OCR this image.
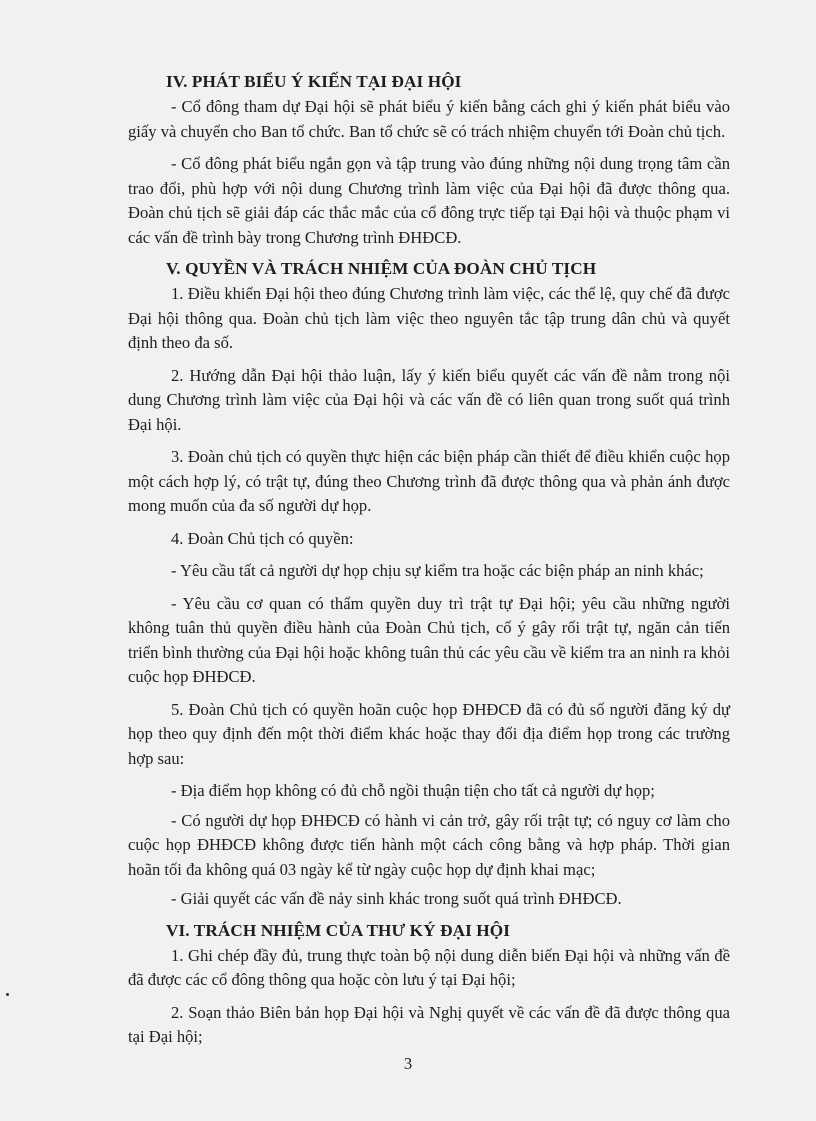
IV. PHÁT BIỂU Ý KIẾN TẠI ĐẠI HỘI

- Cổ đông tham dự Đại hội sẽ phát biểu ý kiến bằng cách ghi ý kiến phát biểu vào giấy và chuyển cho Ban tổ chức. Ban tổ chức sẽ có trách nhiệm chuyển tới Đoàn chủ tịch.

- Cổ đông phát biểu ngắn gọn và tập trung vào đúng những nội dung trọng tâm cần trao đổi, phù hợp với nội dung Chương trình làm việc của Đại hội đã được thông qua. Đoàn chủ tịch sẽ giải đáp các thắc mắc của cổ đông trực tiếp tại Đại hội và thuộc phạm vi các vấn đề trình bày trong Chương trình ĐHĐCĐ.

V. QUYỀN VÀ TRÁCH NHIỆM CỦA ĐOÀN CHỦ TỊCH

1. Điều khiển Đại hội theo đúng Chương trình làm việc, các thể lệ, quy chế đã được Đại hội thông qua. Đoàn chủ tịch làm việc theo nguyên tắc tập trung dân chủ và quyết định theo đa số.

2. Hướng dẫn Đại hội thảo luận, lấy ý kiến biểu quyết các vấn đề nằm trong nội dung Chương trình làm việc của Đại hội và các vấn đề có liên quan trong suốt quá trình Đại hội.

3. Đoàn chủ tịch có quyền thực hiện các biện pháp cần thiết để điều khiển cuộc họp một cách hợp lý, có trật tự, đúng theo Chương trình đã được thông qua và phản ánh được mong muốn của đa số người dự họp.

4. Đoàn Chủ tịch có quyền:

- Yêu cầu tất cả người dự họp chịu sự kiểm tra hoặc các biện pháp an ninh khác;

- Yêu cầu cơ quan có thẩm quyền duy trì trật tự Đại hội; yêu cầu những người không tuân thủ quyền điều hành của Đoàn Chủ tịch, cố ý gây rối trật tự, ngăn cản tiến triển bình thường của Đại hội hoặc không tuân thủ các yêu cầu về kiểm tra an ninh ra khỏi cuộc họp ĐHĐCĐ.

5. Đoàn Chủ tịch có quyền hoãn cuộc họp ĐHĐCĐ đã có đủ số người đăng ký dự họp theo quy định đến một thời điểm khác hoặc thay đổi địa điểm họp trong các trường hợp sau:

- Địa điểm họp không có đủ chỗ ngồi thuận tiện cho tất cả người dự họp;

- Có người dự họp ĐHĐCĐ có hành vi cản trở, gây rối trật tự; có nguy cơ làm cho cuộc họp ĐHĐCĐ không được tiến hành một cách công bằng và hợp pháp. Thời gian hoãn tối đa không quá 03 ngày kể từ ngày cuộc họp dự định khai mạc;

- Giải quyết các vấn đề nảy sinh khác trong suốt quá trình ĐHĐCĐ.

VI. TRÁCH NHIỆM CỦA THƯ KÝ ĐẠI HỘI

1. Ghi chép đầy đủ, trung thực toàn bộ nội dung diễn biến Đại hội và những vấn đề đã được các cổ đông thông qua hoặc còn lưu ý tại Đại hội;

2. Soạn thảo Biên bản họp Đại hội và Nghị quyết về các vấn đề đã được thông qua tại Đại hội;

3
